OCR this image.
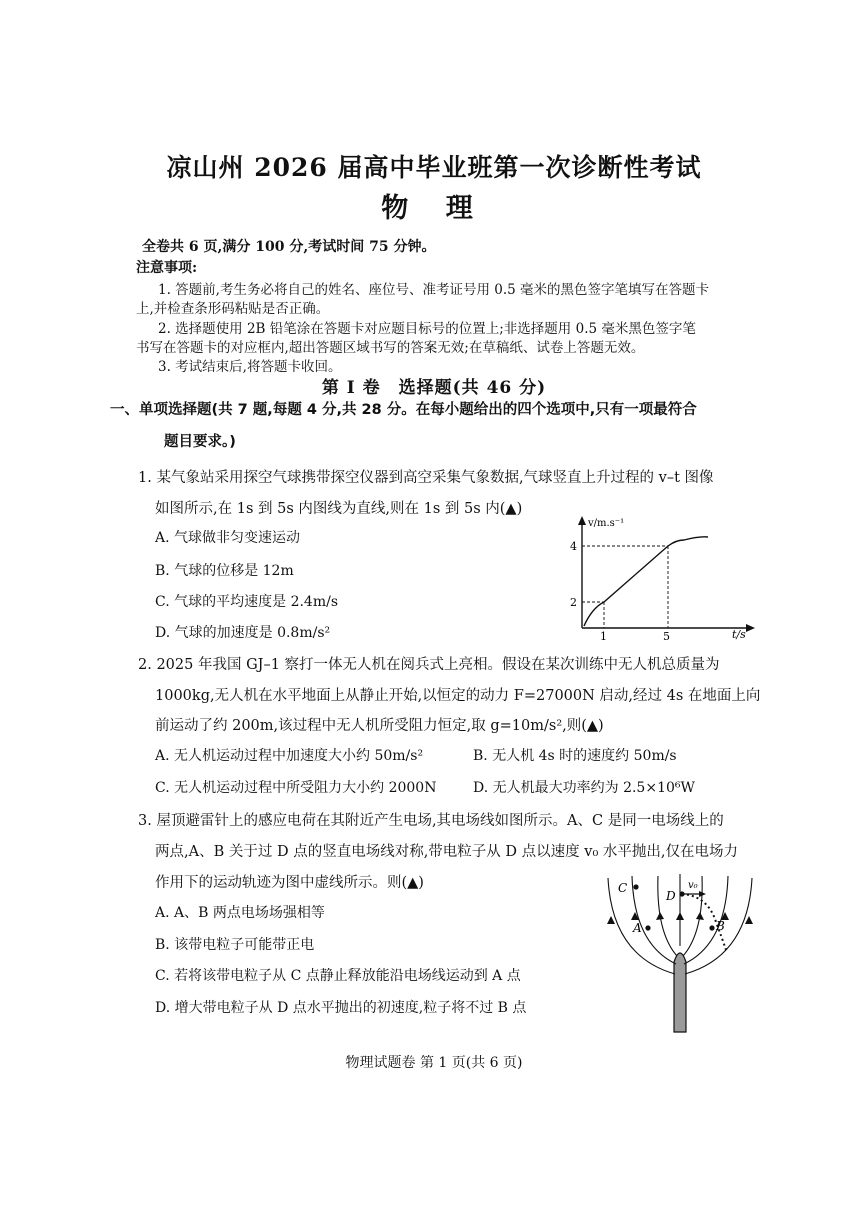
凉山州 2026 届高中毕业班第一次诊断性考试
物 理
全卷共 6 页,满分 100 分,考试时间 75 分钟。
注意事项:
1. 答题前,考生务必将自己的姓名、座位号、准考证号用 0.5 毫米的黑色签字笔填写在答题卡
上,并检查条形码粘贴是否正确。
2. 选择题使用 2B 铅笔涂在答题卡对应题目标号的位置上;非选择题用 0.5 毫米黑色签字笔
书写在答题卡的对应框内,超出答题区域书写的答案无效;在草稿纸、试卷上答题无效。
3. 考试结束后,将答题卡收回。
第 Ⅰ 卷　选择题(共 46 分)
一、单项选择题(共 7 题,每题 4 分,共 28 分。在每小题给出的四个选项中,只有一项最符合
题目要求。)
1. 某气象站采用探空气球携带探空仪器到高空采集气象数据,气球竖直上升过程的 v–t 图像
如图所示,在 1s 到 5s 内图线为直线,则在 1s 到 5s 内(▲)
A. 气球做非匀变速运动
B. 气球的位移是 12m
C. 气球的平均速度是 2.4m/s
D. 气球的加速度是 0.8m/s²
v/m.s⁻¹
t/s
2
4
1	5
2. 2025 年我国 GJ–1 察打一体无人机在阅兵式上亮相。假设在某次训练中无人机总质量为
1000kg,无人机在水平地面上从静止开始,以恒定的动力 F=27000N 启动,经过 4s 在地面上向
前运动了约 200m,该过程中无人机所受阻力恒定,取 g=10m/s²,则(▲)
A. 无人机运动过程中加速度大小约 50m/s²	B. 无人机 4s 时的速度约 50m/s
C. 无人机运动过程中所受阻力大小约 2000N	D. 无人机最大功率约为 2.5×10⁶W
3. 屋顶避雷针上的感应电荷在其附近产生电场,其电场线如图所示。A、C 是同一电场线上的
两点,A、B 关于过 D 点的竖直电场线对称,带电粒子从 D 点以速度 v₀ 水平抛出,仅在电场力
作用下的运动轨迹为图中虚线所示。则(▲)
A. A、B 两点电场场强相等
B. 该带电粒子可能带正电
C. 若将该带电粒子从 C 点静止释放能沿电场线运动到 A 点
D. 增大带电粒子从 D 点水平抛出的初速度,粒子将不过 B 点
C
D
v₀
A	B
物理试题卷 第 1 页(共 6 页)
